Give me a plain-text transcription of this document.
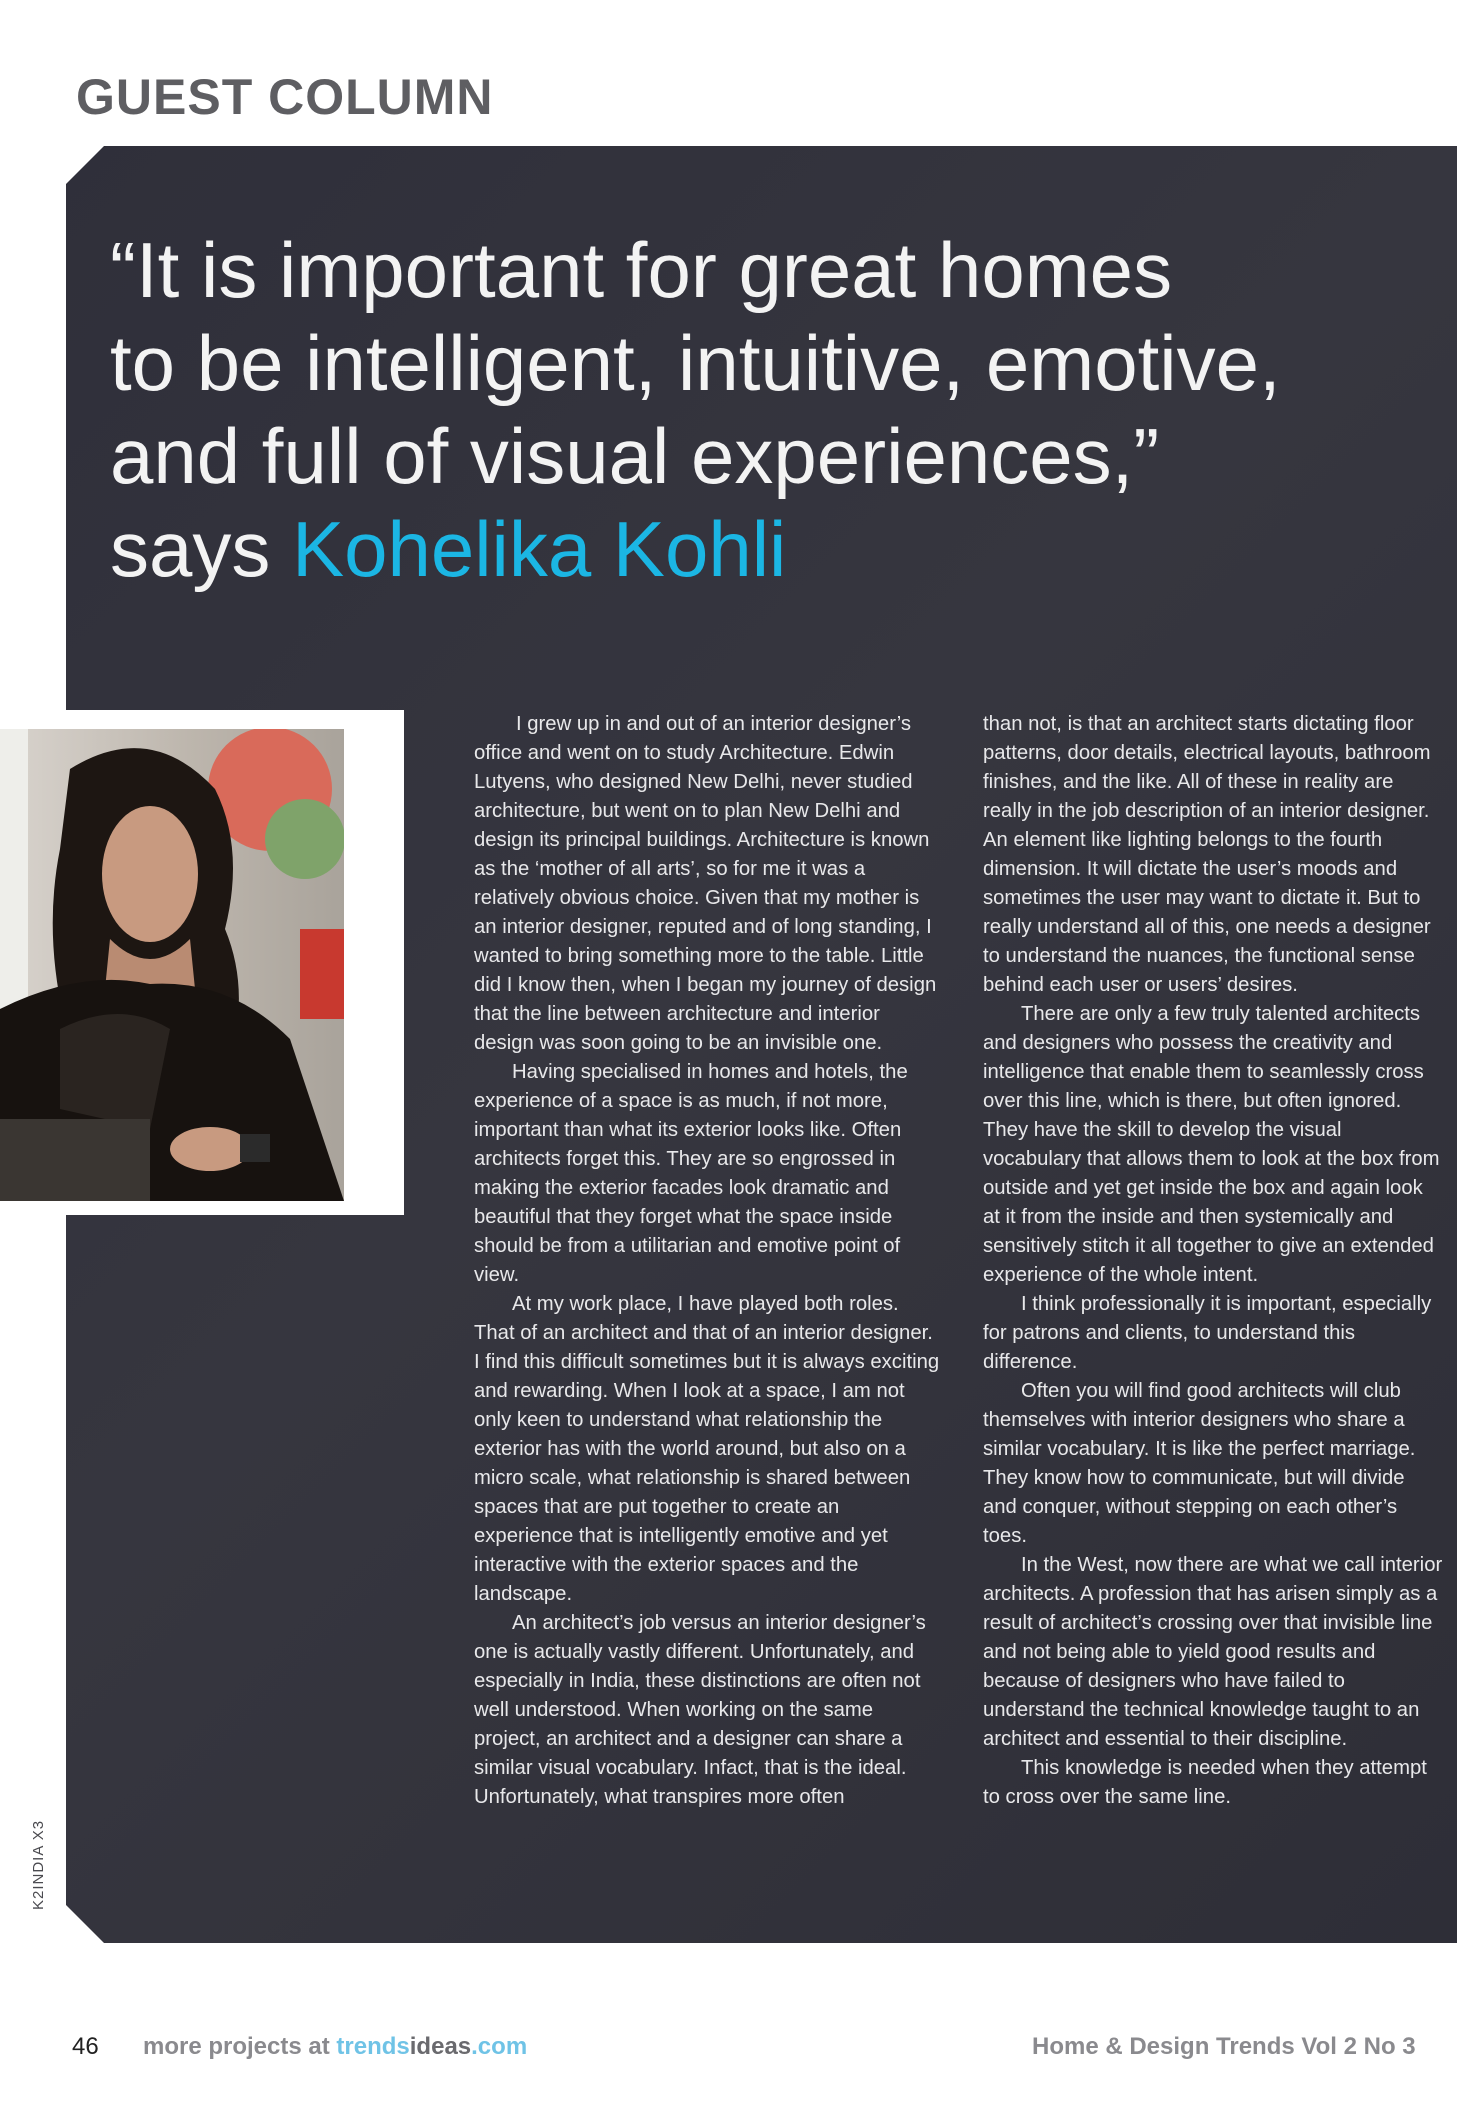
GUEST COLUMN
“It is important for great homes
to be intelligent, intuitive, emotive,
and full of visual experiences,”
says Kohelika Kohli

I grew up in and out of an interior designer’s office and went on to study Architecture. Edwin Lutyens, who designed New Delhi, never studied architecture, but went on to plan New Delhi and design its principal buildings. Architecture is known as the ‘mother of all arts’, so for me it was a relatively obvious choice. Given that my mother is an interior designer, reputed and of long standing, I wanted to bring something more to the table. Little did I know then, when I began my journey of design that the line between architecture and interior design was soon going to be an invisible one.

Having specialised in homes and hotels, the experience of a space is as much, if not more, important than what its exterior looks like. Often architects forget this. They are so engrossed in making the exterior facades look dramatic and beautiful that they forget what the space inside should be from a utilitarian and emotive point of view.

At my work place, I have played both roles. That of an architect and that of an interior designer. I find this difficult sometimes but it is always exciting and rewarding. When I look at a space, I am not only keen to understand what relationship the exterior has with the world around, but also on a micro scale, what relationship is shared between spaces that are put together to create an experience that is intelligently emotive and yet interactive with the exterior spaces and the landscape.

An architect’s job versus an interior designer’s one is actually vastly different. Unfortunately, and especially in India, these distinctions are often not well understood. When working on the same project, an architect and a designer can share a similar visual vocabulary. Infact, that is the ideal. Unfortunately, what transpires more often

than not, is that an architect starts dictating floor patterns, door details, electrical layouts, bathroom finishes, and the like. All of these in reality are really in the job description of an interior designer. An element like lighting belongs to the fourth dimension. It will dictate the user’s moods and sometimes the user may want to dictate it. But to really understand all of this, one needs a designer to understand the nuances, the functional sense behind each user or users’ desires.

There are only a few truly talented architects and designers who possess the creativity and intelligence that enable them to seamlessly cross over this line, which is there, but often ignored. They have the skill to develop the visual vocabulary that allows them to look at the box from outside and yet get inside the box and again look at it from the inside and then systemically and sensitively stitch it all together to give an extended experience of the whole intent.

I think professionally it is important, especially for patrons and clients, to understand this difference.

Often you will find good architects will club themselves with interior designers who share a similar vocabulary. It is like the perfect marriage. They know how to communicate, but will divide and conquer, without stepping on each other’s toes.

In the West, now there are what we call interior architects. A profession that has arisen simply as a result of architect’s crossing over that invisible line and not being able to yield good results and because of designers who have failed to understand the technical knowledge taught to an architect and essential to their discipline.

This knowledge is needed when they attempt to cross over the same line.

K2INDIA X3
46 more projects at trendsideas.com	Home & Design Trends Vol 2 No 3
